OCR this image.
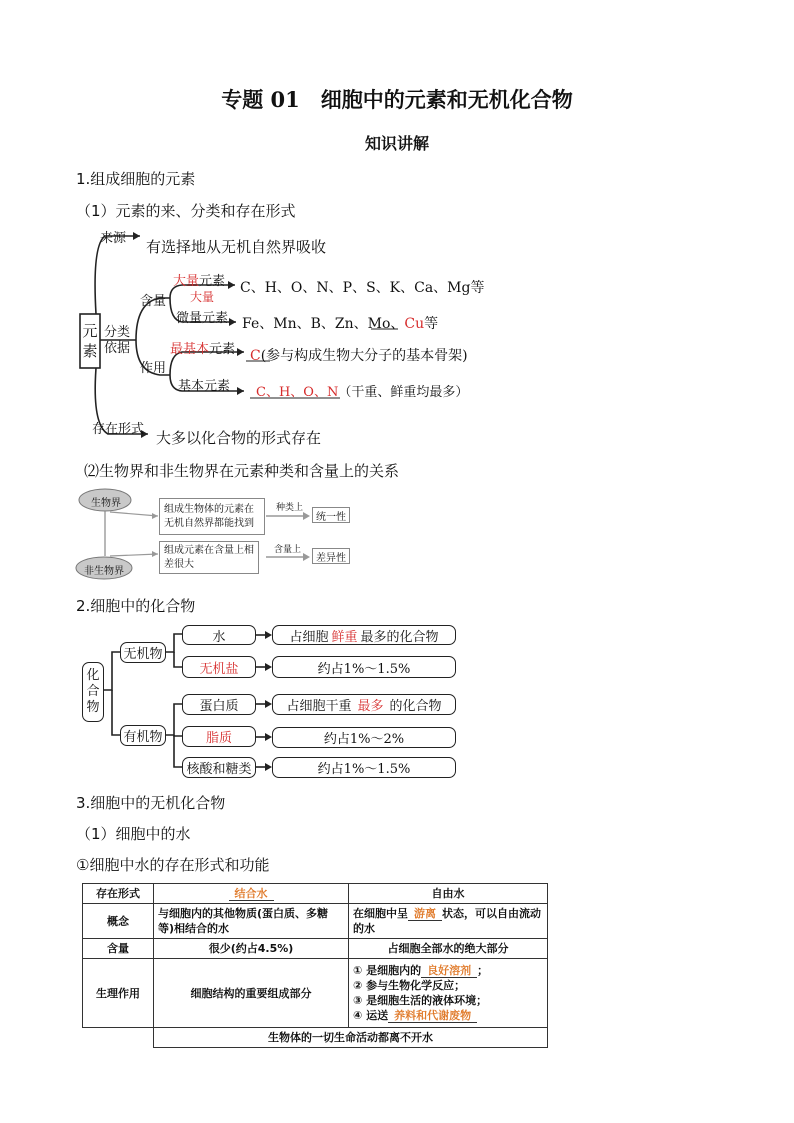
专题 01　细胞中的元素和无机化合物
知识讲解
1.组成细胞的元素
（1）元素的来、分类和存在形式
元素
来源 有选择地从无机自然界吸收
分类依据
含量
作用
大量元素
大量
C、H、O、N、P、S、K、Ca、Mg等
微量元素 Fe、Mn、B、Zn、Mo、Cu等
最基本元素 C(参与构成生物大分子的基本骨架)
基本元素 C、H、O、N（干重、鲜重均最多）
存在形式 大多以化合物的形式存在
⑵生物界和非生物界在元素种类和含量上的关系
生物界
非生物界
组成生物体的元素在无机自然界都能找到
种类上
统一性
组成元素在含量上相差很大
含量上
差异性
2.细胞中的化合物
化合物
无机物
有机物
水
无机盐
蛋白质
脂质
核酸和糖类
占细胞 鲜重 最多的化合物
约占1%～1.5%
占细胞干重 最多 的化合物
约占1%～2%
约占1%～1.5%
3.细胞中的无机化合物
（1）细胞中的水
①细胞中水的存在形式和功能
存在形式	结合水	自由水
概念	与细胞内的其他物质(蛋白质、多糖等)相结合的水	在细胞中呈 游离 状态，可以自由流动的水
含量	很少(约占4.5%)	占细胞全部水的绝大部分
生理作用	细胞结构的重要组成部分	① 是细胞内的 良好溶剂 ；
② 参与生物化学反应；
③ 是细胞生活的液体环境；
④ 运送 养料和代谢废物

	生物体的一切生命活动都离不开水	
